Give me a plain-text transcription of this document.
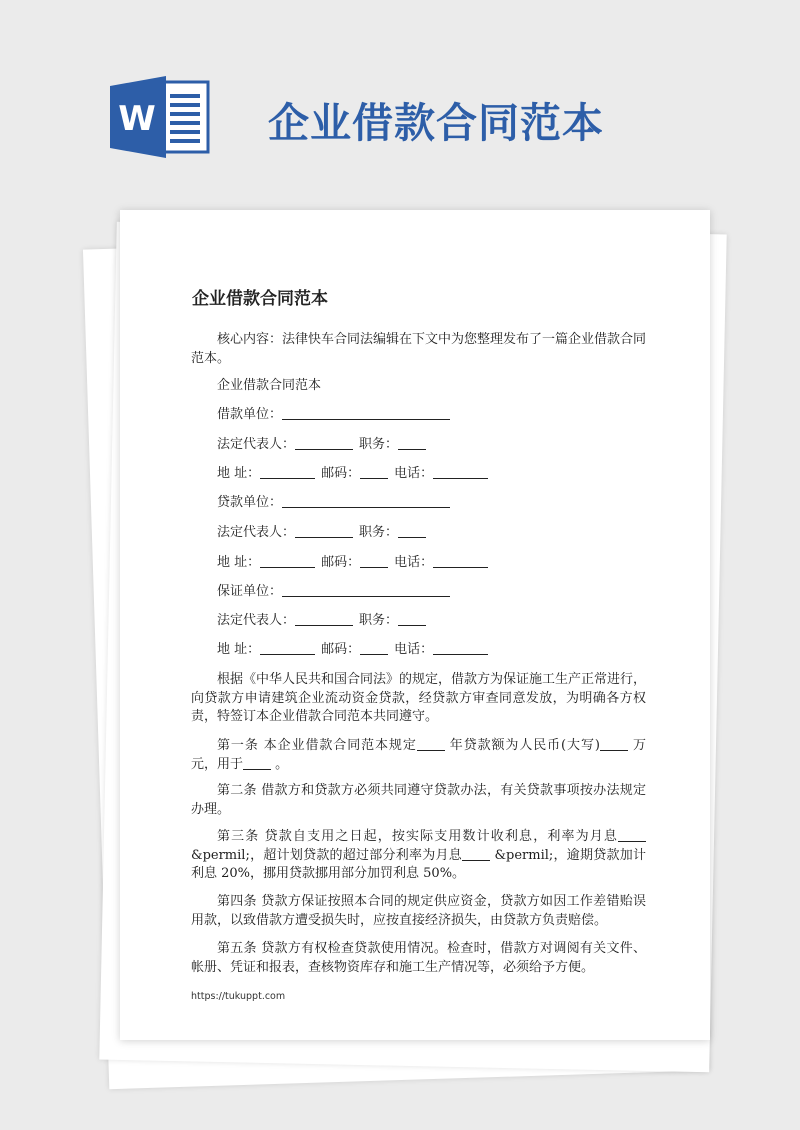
W	企业借款合同范本
企业借款合同范本
核心内容：法律快车合同法编辑在下文中为您整理发布了一篇企业借款合同范本。
企业借款合同范本
借款单位：
法定代表人：	职务：
地 址：	邮码：	电话：
贷款单位：
法定代表人：	职务：
地 址：	邮码：	电话：
保证单位：
法定代表人：	职务：
地 址：	邮码：	电话：
根据《中华人民共和国合同法》的规定，借款方为保证施工生产正常进行，向贷款方申请建筑企业流动资金贷款，经贷款方审查同意发放，为明确各方权责，特签订本企业借款合同范本共同遵守。
第一条 本企业借款合同范本规定	年贷款额为人民币(大写)	万元，用于 。
第二条 借款方和贷款方必须共同遵守贷款办法，有关贷款事项按办法规定办理。
第三条 贷款自支用之日起，按实际支用数计收利息，利率为月息 &permil;，超计划贷款的超过部分利率为月息 &permil;，逾期贷款加计利息 20%，挪用贷款挪用部分加罚利息 50%。
第四条 贷款方保证按照本合同的规定供应资金，贷款方如因工作差错贻误用款，以致借款方遭受损失时，应按直接经济损失，由贷款方负责赔偿。
第五条 贷款方有权检查贷款使用情况。检查时，借款方对调阅有关文件、帐册、凭证和报表，查核物资库存和施工生产情况等，必须给予方便。
https://tukuppt.com
